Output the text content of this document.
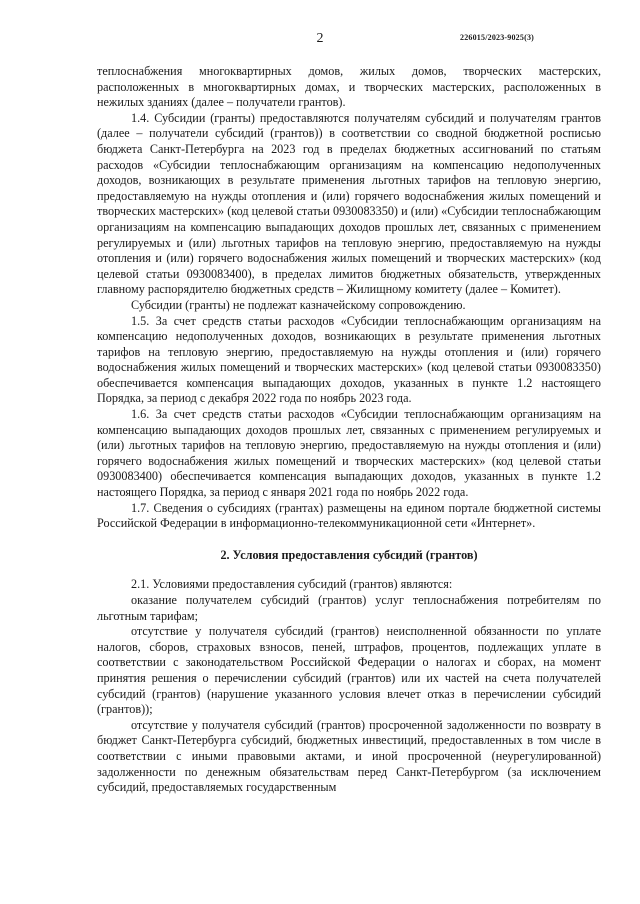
2	226015/2023-9025(3)

теплоснабжения многоквартирных домов, жилых домов, творческих мастерских, расположенных в многоквартирных домах, и творческих мастерских, расположенных в нежилых зданиях (далее – получатели грантов).

1.4. Субсидии (гранты) предоставляются получателям субсидий и получателям грантов (далее – получатели субсидий (грантов)) в соответствии со сводной бюджетной росписью бюджета Санкт-Петербурга на 2023 год в пределах бюджетных ассигнований по статьям расходов «Субсидии теплоснабжающим организациям на компенсацию недополученных доходов, возникающих в результате применения льготных тарифов на тепловую энергию, предоставляемую на нужды отопления и (или) горячего водоснабжения жилых помещений и творческих мастерских» (код целевой статьи 0930083350) и (или) «Субсидии теплоснабжающим организациям на компенсацию выпадающих доходов прошлых лет, связанных с применением регулируемых и (или) льготных тарифов на тепловую энергию, предоставляемую на нужды отопления и (или) горячего водоснабжения жилых помещений и творческих мастерских» (код целевой статьи 0930083400), в пределах лимитов бюджетных обязательств, утвержденных главному распорядителю бюджетных средств – Жилищному комитету (далее – Комитет).

Субсидии (гранты) не подлежат казначейскому сопровождению.

1.5. За счет средств статьи расходов «Субсидии теплоснабжающим организациям на компенсацию недополученных доходов, возникающих в результате применения льготных тарифов на тепловую энергию, предоставляемую на нужды отопления и (или) горячего водоснабжения жилых помещений и творческих мастерских» (код целевой статьи 0930083350) обеспечивается компенсация выпадающих доходов, указанных в пункте 1.2 настоящего Порядка, за период с декабря 2022 года по ноябрь 2023 года.

1.6. За счет средств статьи расходов «Субсидии теплоснабжающим организациям на компенсацию выпадающих доходов прошлых лет, связанных с применением регулируемых и (или) льготных тарифов на тепловую энергию, предоставляемую на нужды отопления и (или) горячего водоснабжения жилых помещений и творческих мастерских» (код целевой статьи 0930083400) обеспечивается компенсация выпадающих доходов, указанных в пункте 1.2 настоящего Порядка, за период с января 2021 года по ноябрь 2022 года.

1.7. Сведения о субсидиях (грантах) размещены на едином портале бюджетной системы Российской Федерации в информационно-телекоммуникационной сети «Интернет».

2. Условия предоставления субсидий (грантов)

2.1. Условиями предоставления субсидий (грантов) являются:

оказание получателем субсидий (грантов) услуг теплоснабжения потребителям по льготным тарифам;

отсутствие у получателя субсидий (грантов) неисполненной обязанности по уплате налогов, сборов, страховых взносов, пеней, штрафов, процентов, подлежащих уплате в соответствии с законодательством Российской Федерации о налогах и сборах, на момент принятия решения о перечислении субсидий (грантов) или их частей на счета получателей субсидий (грантов) (нарушение указанного условия влечет отказ в перечислении субсидий (грантов));

отсутствие у получателя субсидий (грантов) просроченной задолженности по возврату в бюджет Санкт-Петербурга субсидий, бюджетных инвестиций, предоставленных в том числе в соответствии с иными правовыми актами, и иной просроченной (неурегулированной) задолженности по денежным обязательствам перед Санкт-Петербургом (за исключением субсидий, предоставляемых государственным
